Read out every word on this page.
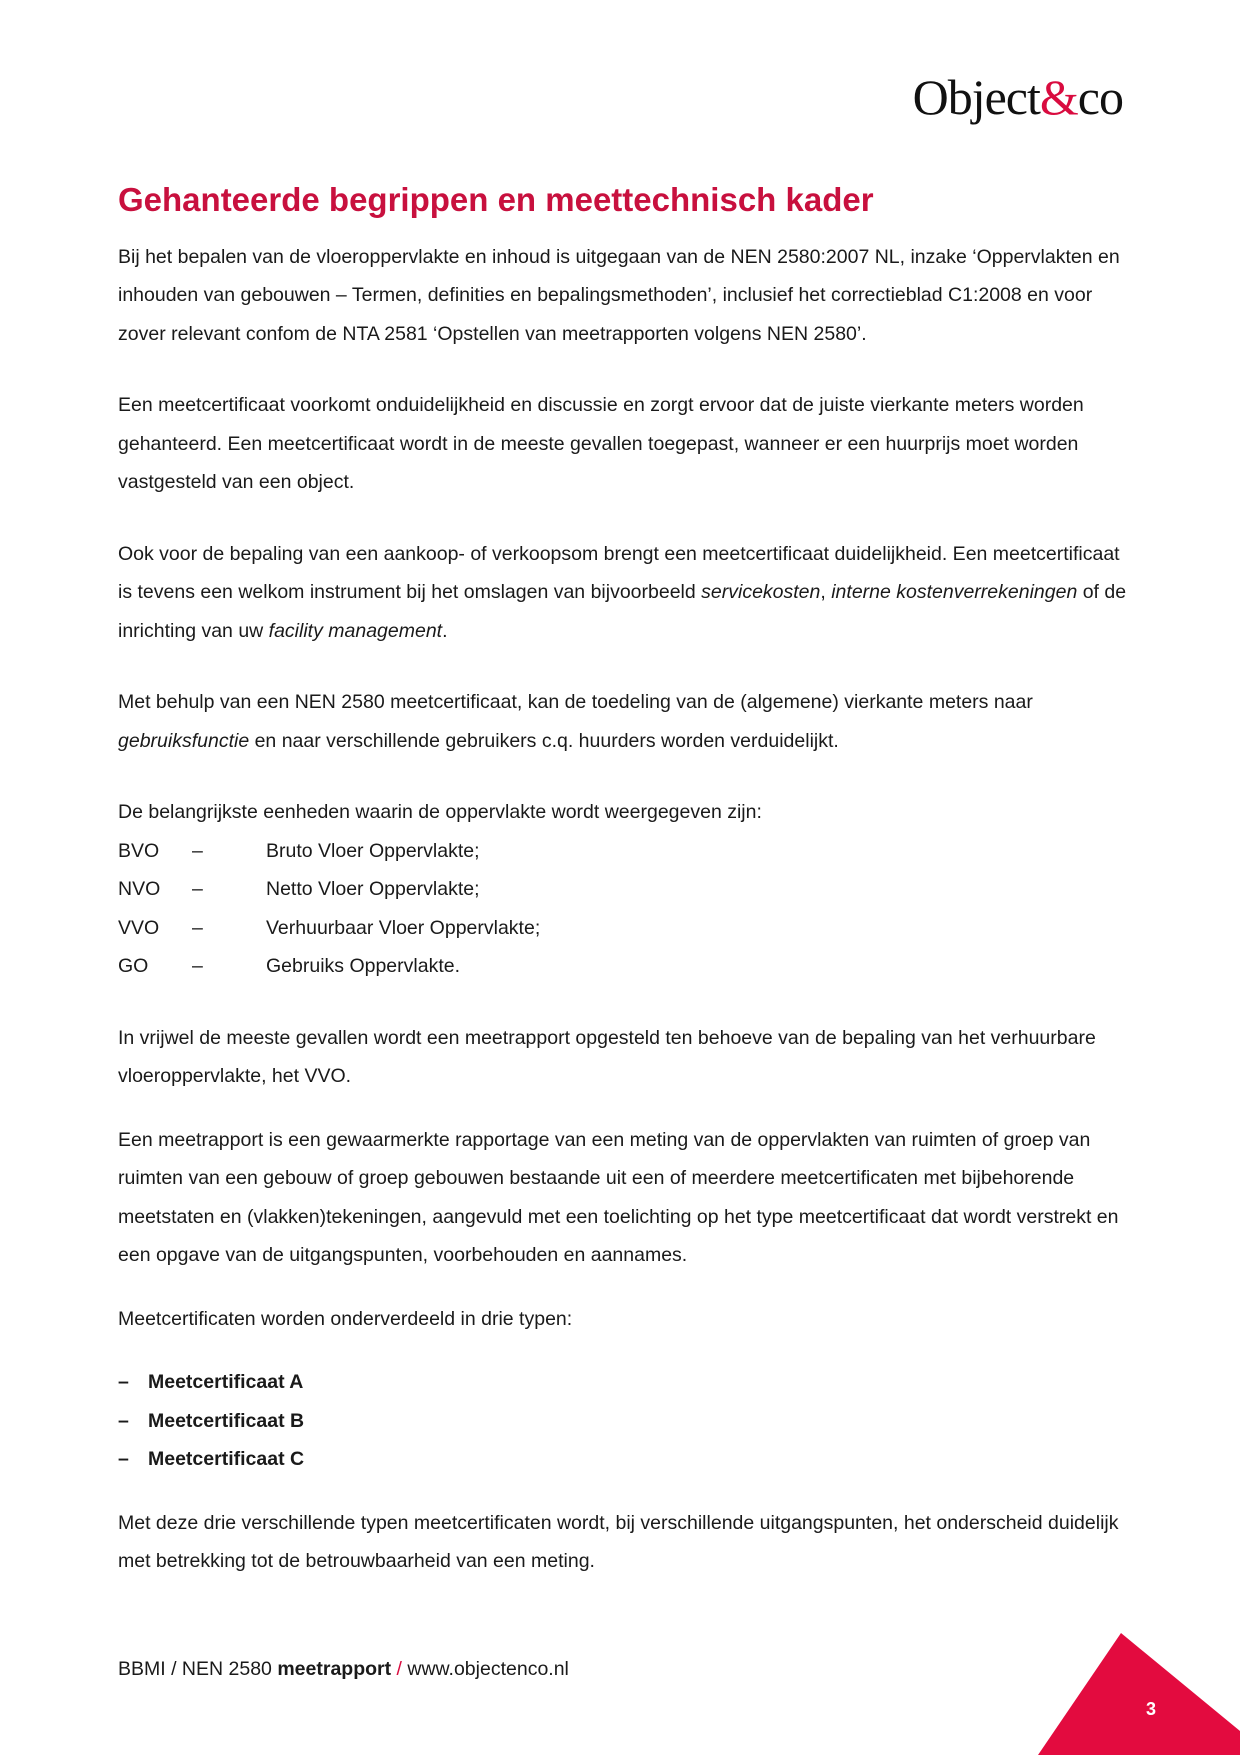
Object&co
Gehanteerde begrippen en meettechnisch kader

Bij het bepalen van de vloeroppervlakte en inhoud is uitgegaan van de NEN 2580:2007 NL, inzake ‘Oppervlakten en inhouden van gebouwen – Termen, definities en bepalingsmethoden’, inclusief het correctieblad C1:2008 en voor zover relevant confom de NTA 2581 ‘Opstellen van meetrapporten volgens NEN 2580’.

Een meetcertificaat voorkomt onduidelijkheid en discussie en zorgt ervoor dat de juiste vierkante meters worden gehanteerd. Een meetcertificaat wordt in de meeste gevallen toegepast, wanneer er een huurprijs moet worden vastgesteld van een object.

Ook voor de bepaling van een aankoop- of verkoopsom brengt een meetcertificaat duidelijkheid. Een meetcertificaat is tevens een welkom instrument bij het omslagen van bijvoorbeeld servicekosten, interne kostenverrekeningen of de inrichting van uw facility management.

Met behulp van een NEN 2580 meetcertificaat, kan de toedeling van de (algemene) vierkante meters naar gebruiksfunctie en naar verschillende gebruikers c.q. huurders worden verduidelijkt.

De belangrijkste eenheden waarin de oppervlakte wordt weergegeven zijn:

BVO	–	Bruto Vloer Oppervlakte;
NVO	–	Netto Vloer Oppervlakte;
VVO	–	Verhuurbaar Vloer Oppervlakte;
GO	–	Gebruiks Oppervlakte.

In vrijwel de meeste gevallen wordt een meetrapport opgesteld ten behoeve van de bepaling van het verhuurbare vloeroppervlakte, het VVO.

Een meetrapport is een gewaarmerkte rapportage van een meting van de oppervlakten van ruimten of groep van ruimten van een gebouw of groep gebouwen bestaande uit een of meerdere meetcertificaten met bijbehorende meetstaten en (vlakken)tekeningen, aangevuld met een toelichting op het type meetcertificaat dat wordt verstrekt en een opgave van de uitgangspunten, voorbehouden en aannames.

Meetcertificaten worden onderverdeeld in drie typen:

– Meetcertificaat A
– Meetcertificaat B
– Meetcertificaat C

Met deze drie verschillende typen meetcertificaten wordt, bij verschillende uitgangspunten, het onderscheid duidelijk met betrekking tot de betrouwbaarheid van een meting.

BBMI / NEN 2580 meetrapport / www.objectenco.nl
3
